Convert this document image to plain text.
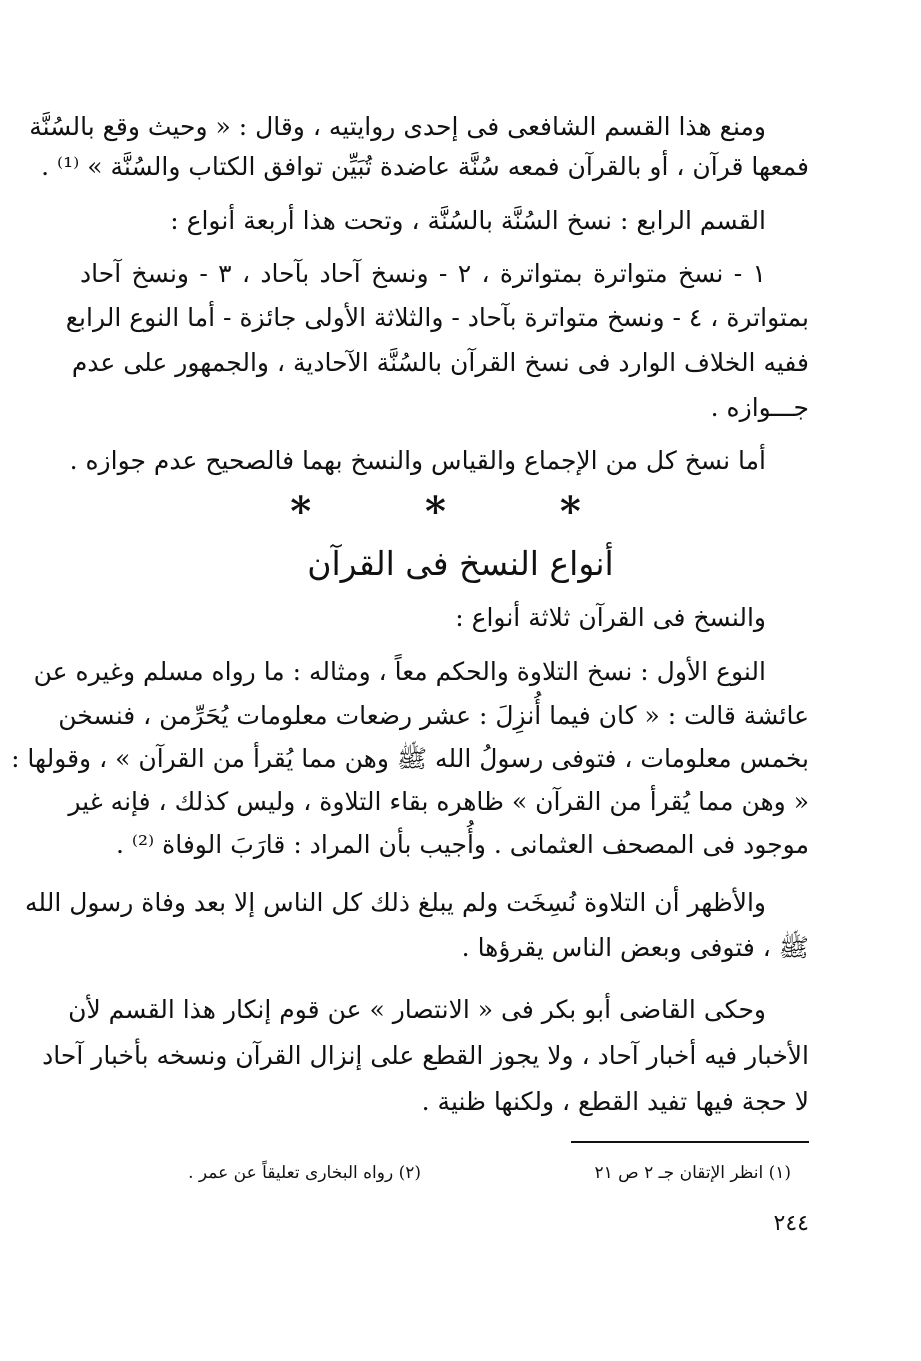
ومنع هذا القسم الشافعى فى إحدى روايتيه ، وقال : « وحيث وقع بالسُنَّة
فمعها قرآن ، أو بالقرآن فمعه سُنَّة عاضدة تُبَيِّن توافق الكتاب والسُنَّة » ⁽¹⁾ .
القسم الرابع : نسخ السُنَّة بالسُنَّة ، وتحت هذا أربعة أنواع :
١ - نسخ متواترة بمتواترة ، ٢ - ونسخ آحاد بآحاد ، ٣ - ونسخ آحاد
بمتواترة ، ٤ - ونسخ متواترة بآحاد - والثلاثة الأولى جائزة - أما النوع الرابع
ففيه الخلاف الوارد فى نسخ القرآن بالسُنَّة الآحادية ، والجمهور على عدم
جـــوازه .
أما نسخ كل من الإجماع والقياس والنسخ بهما فالصحيح عدم جوازه .
* * *
أنواع النسخ فى القرآن
والنسخ فى القرآن ثلاثة أنواع :
النوع الأول : نسخ التلاوة والحكم معاً ، ومثاله : ما رواه مسلم وغيره عن
عائشة قالت : « كان فيما أُنزِلَ : عشر رضعات معلومات يُحَرِّمن ، فنسخن
بخمس معلومات ، فتوفى رسولُ الله ﷺ وهن مما يُقرأ من القرآن » ، وقولها :
« وهن مما يُقرأ من القرآن » ظاهره بقاء التلاوة ، وليس كذلك ، فإنه غير
موجود فى المصحف العثمانى . وأُجيب بأن المراد : قارَبَ الوفاة ⁽²⁾ .
والأظهر أن التلاوة نُسِخَت ولم يبلغ ذلك كل الناس إلا بعد وفاة رسول الله
ﷺ ، فتوفى وبعض الناس يقرؤها .
وحكى القاضى أبو بكر فى « الانتصار » عن قوم إنكار هذا القسم لأن
الأخبار فيه أخبار آحاد ، ولا يجوز القطع على إنزال القرآن ونسخه بأخبار آحاد
لا حجة فيها تفيد القطع ، ولكنها ظنية .
(١) انظر الإتقان جـ ٢ ص ٢١
(٢) رواه البخارى تعليقاً عن عمر .
٢٤٤
